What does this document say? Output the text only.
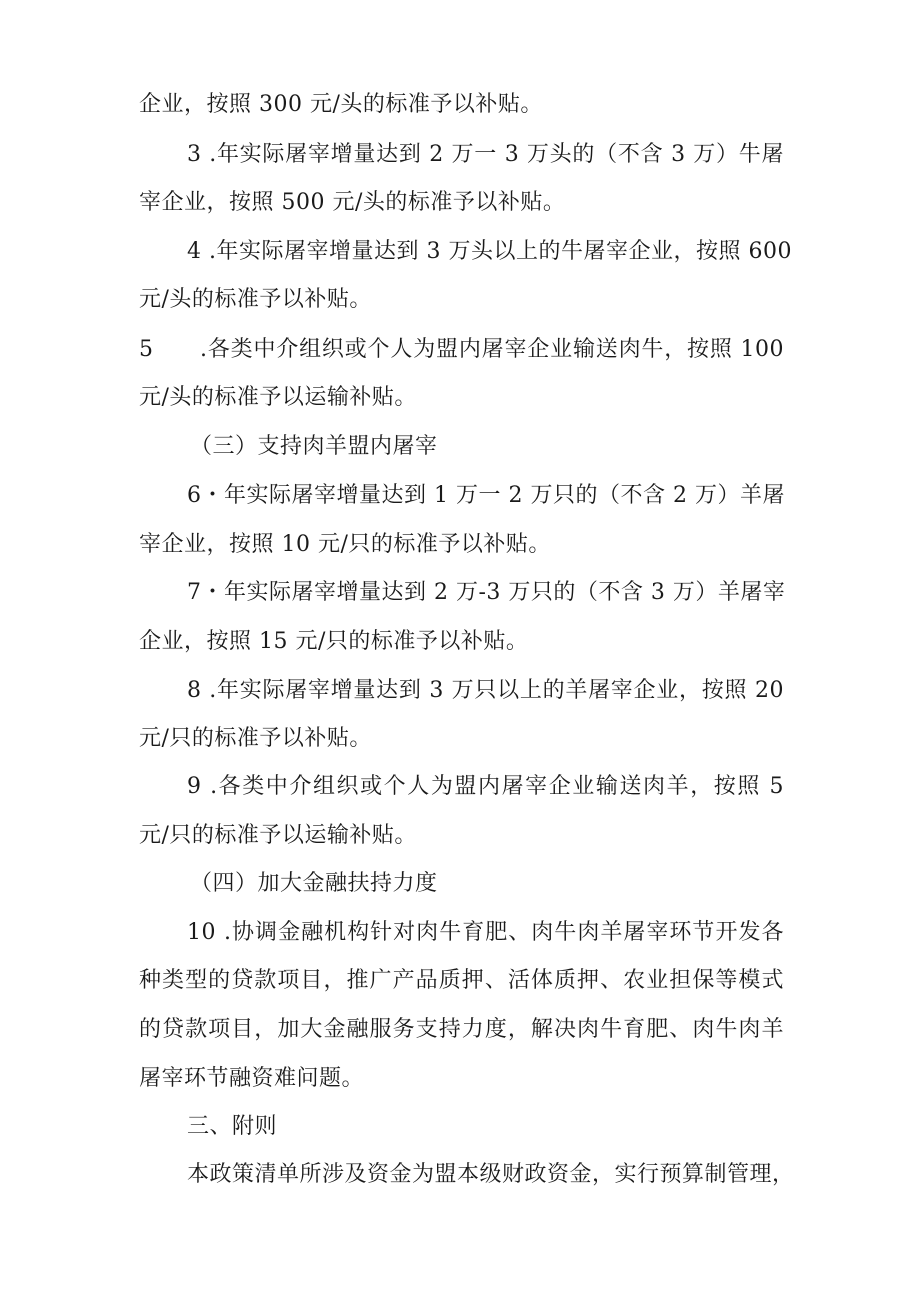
企业，按照 300 元/头的标准予以补贴。
3 .年实际屠宰增量达到 2 万一 3 万头的（不含 3 万）牛屠
宰企业，按照 500 元/头的标准予以补贴。
4 .年实际屠宰增量达到 3 万头以上的牛屠宰企业，按照 600
元/头的标准予以补贴。
5 .各类中介组织或个人为盟内屠宰企业输送肉牛，按照 100
元/头的标准予以运输补贴。
（三）支持肉羊盟内屠宰
6・年实际屠宰增量达到 1 万一 2 万只的（不含 2 万）羊屠
宰企业，按照 10 元/只的标准予以补贴。
7・年实际屠宰增量达到 2 万-3 万只的（不含 3 万）羊屠宰
企业，按照 15 元/只的标准予以补贴。
8 .年实际屠宰增量达到 3 万只以上的羊屠宰企业，按照 20
元/只的标准予以补贴。
9 .各类中介组织或个人为盟内屠宰企业输送肉羊，按照 5
元/只的标准予以运输补贴。
（四）加大金融扶持力度
10 .协调金融机构针对肉牛育肥、肉牛肉羊屠宰环节开发各
种类型的贷款项目，推广产品质押、活体质押、农业担保等模式
的贷款项目，加大金融服务支持力度，解决肉牛育肥、肉牛肉羊
屠宰环节融资难问题。
三、附则
本政策清单所涉及资金为盟本级财政资金，实行预算制管理，
